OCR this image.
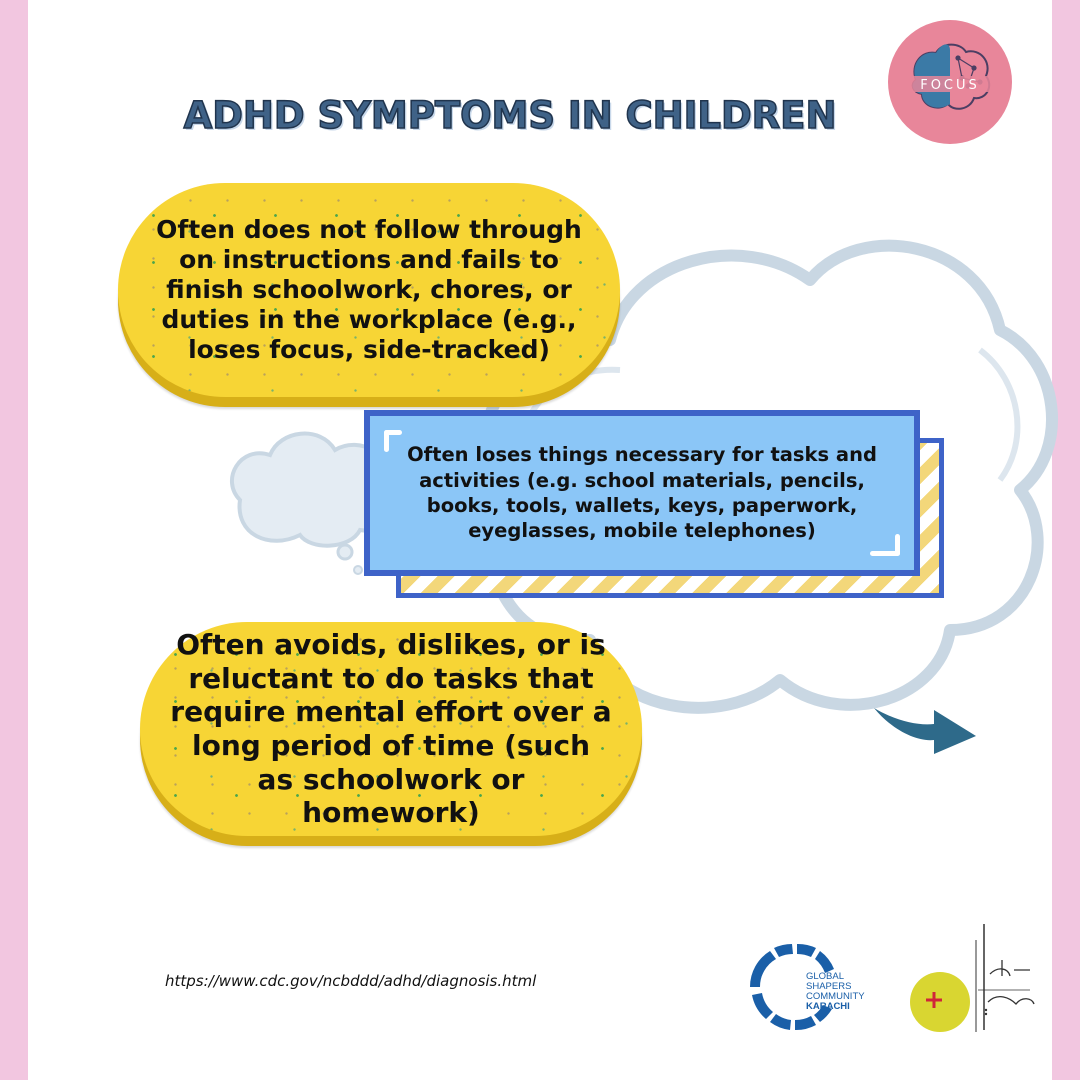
ADHD SYMPTOMS IN CHILDREN
FOCUS
Often does not follow through on instructions and fails to finish schoolwork, chores, or duties in the workplace (e.g., loses focus, side-tracked)
Often loses things necessary for tasks and activities (e.g. school materials, pencils, books, tools, wallets, keys, paperwork, eyeglasses, mobile telephones)
Often avoids, dislikes, or is reluctant to do tasks that require mental effort over a long period of time (such as schoolwork or homework)
https://www.cdc.gov/ncbddd/adhd/diagnosis.html	GLOBAL
SHAPERS
COMMUNITY
KARACHI
